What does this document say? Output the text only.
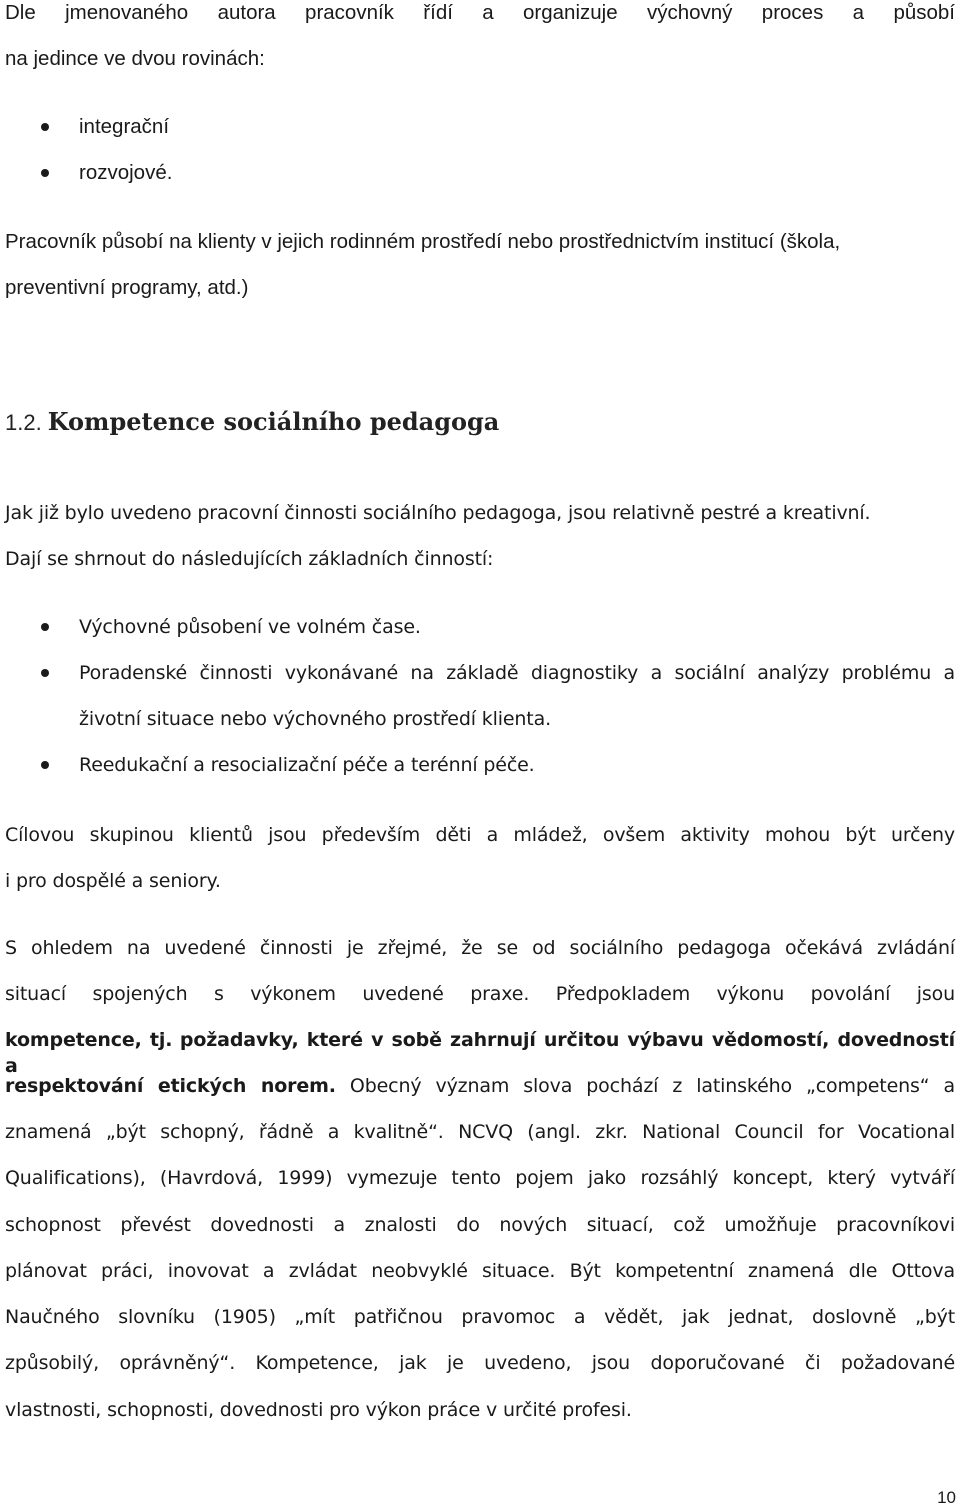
Dle jmenovaného autora pracovník řídí a organizuje výchovný proces a působí
na jedince ve dvou rovinách:
integrační
rozvojové.
Pracovník působí na klienty v jejich rodinném prostředí nebo prostřednictvím institucí (škola,
preventivní programy, atd.)
1.2. Kompetence sociálního pedagoga
Jak již bylo uvedeno pracovní činnosti sociálního pedagoga, jsou relativně pestré a kreativní.
Dají se shrnout do následujících základních činností:
Výchovné působení ve volném čase.
Poradenské činnosti vykonávané na základě diagnostiky a sociální analýzy problému a
životní situace nebo výchovného prostředí klienta.
Reedukační a resocializační péče a terénní péče.
Cílovou skupinou klientů jsou především děti a mládež, ovšem aktivity mohou být určeny
i pro dospělé a seniory.
S ohledem na uvedené činnosti je zřejmé, že se od sociálního pedagoga očekává zvládání
situací spojených s výkonem uvedené praxe. Předpokladem výkonu povolání jsou
kompetence, tj. požadavky, které v sobě zahrnují určitou výbavu vědomostí, dovedností a
respektování etických norem. Obecný význam slova pochází z latinského „competens“ a
znamená „být schopný, řádně a kvalitně“. NCVQ (angl. zkr. National Council for Vocational
Qualifications), (Havrdová, 1999) vymezuje tento pojem jako rozsáhlý koncept, který vytváří
schopnost převést dovednosti a znalosti do nových situací, což umožňuje pracovníkovi
plánovat práci, inovovat a zvládat neobvyklé situace. Být kompetentní znamená dle Ottova
Naučného slovníku (1905) „mít patřičnou pravomoc a vědět, jak jednat, doslovně „být
způsobilý, oprávněný“. Kompetence, jak je uvedeno, jsou doporučované či požadované
vlastnosti, schopnosti, dovednosti pro výkon práce v určité profesi.
10
